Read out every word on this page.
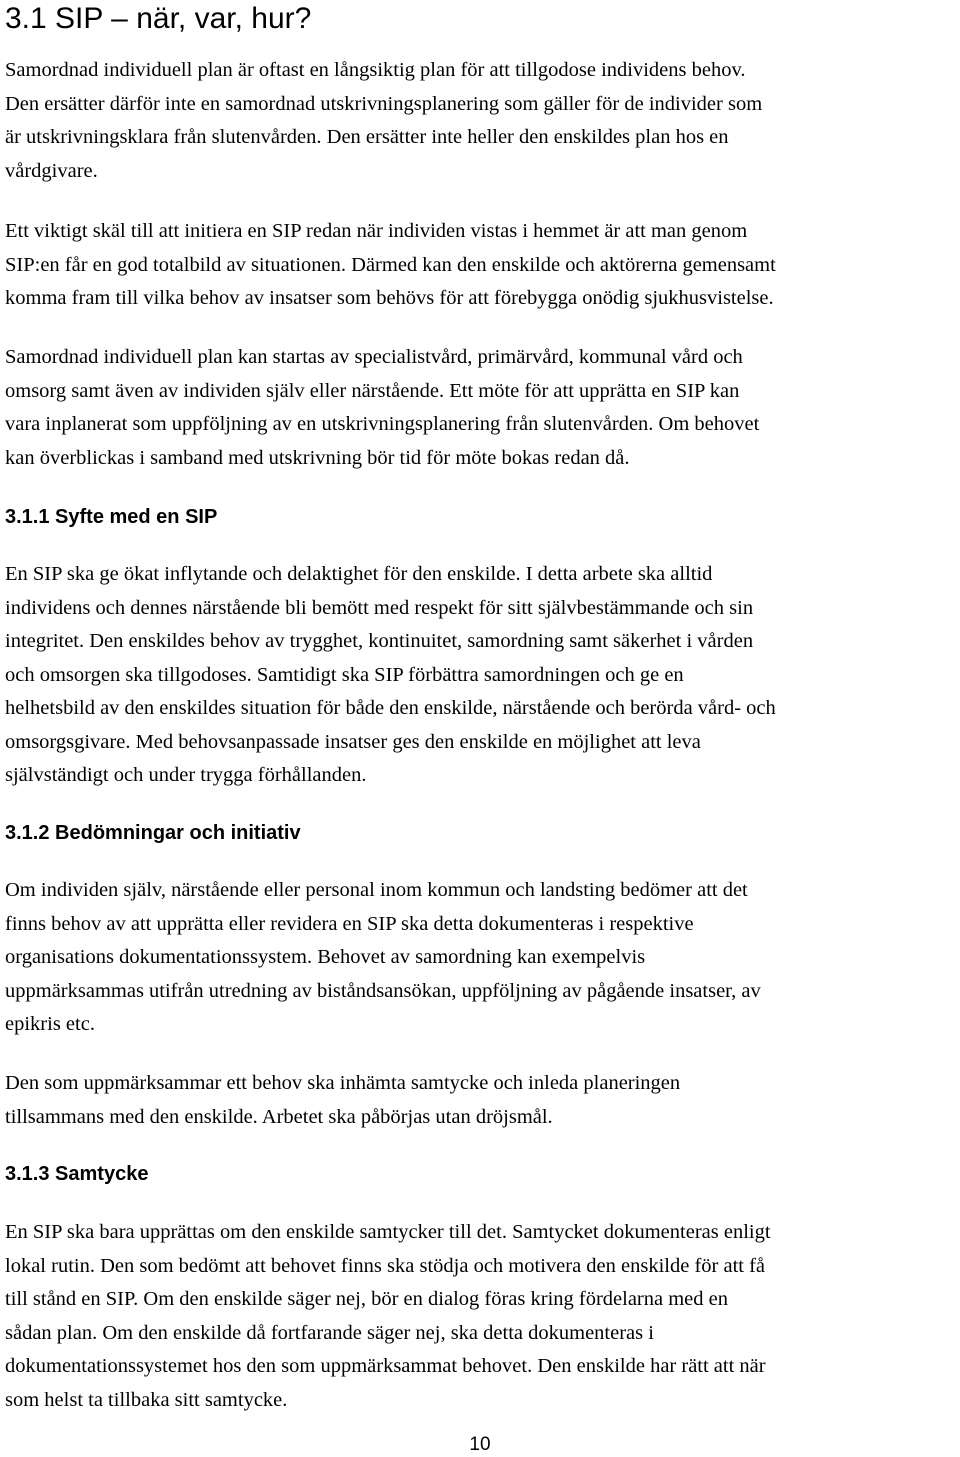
3.1 SIP – när, var, hur?

Samordnad individuell plan är oftast en långsiktig plan för att tillgodose individens behov.

Den ersätter därför inte en samordnad utskrivningsplanering som gäller för de individer som

är utskrivningsklara från slutenvården. Den ersätter inte heller den enskildes plan hos en

vårdgivare.

Ett viktigt skäl till att initiera en SIP redan när individen vistas i hemmet är att man genom

SIP:en får en god totalbild av situationen. Därmed kan den enskilde och aktörerna gemensamt

komma fram till vilka behov av insatser som behövs för att förebygga onödig sjukhusvistelse.

Samordnad individuell plan kan startas av specialistvård, primärvård, kommunal vård och

omsorg samt även av individen själv eller närstående. Ett möte för att upprätta en SIP kan

vara inplanerat som uppföljning av en utskrivningsplanering från slutenvården. Om behovet

kan överblickas i samband med utskrivning bör tid för möte bokas redan då.

3.1.1 Syfte med en SIP

En SIP ska ge ökat inflytande och delaktighet för den enskilde. I detta arbete ska alltid

individens och dennes närstående bli bemött med respekt för sitt självbestämmande och sin

integritet. Den enskildes behov av trygghet, kontinuitet, samordning samt säkerhet i vården

och omsorgen ska tillgodoses. Samtidigt ska SIP förbättra samordningen och ge en

helhetsbild av den enskildes situation för både den enskilde, närstående och berörda vård- och

omsorgsgivare. Med behovsanpassade insatser ges den enskilde en möjlighet att leva

självständigt och under trygga förhållanden.

3.1.2 Bedömningar och initiativ

Om individen själv, närstående eller personal inom kommun och landsting bedömer att det

finns behov av att upprätta eller revidera en SIP ska detta dokumenteras i respektive

organisations dokumentationssystem. Behovet av samordning kan exempelvis

uppmärksammas utifrån utredning av biståndsansökan, uppföljning av pågående insatser, av

epikris etc.

Den som uppmärksammar ett behov ska inhämta samtycke och inleda planeringen

tillsammans med den enskilde. Arbetet ska påbörjas utan dröjsmål.

3.1.3 Samtycke

En SIP ska bara upprättas om den enskilde samtycker till det. Samtycket dokumenteras enligt

lokal rutin. Den som bedömt att behovet finns ska stödja och motivera den enskilde för att få

till stånd en SIP. Om den enskilde säger nej, bör en dialog föras kring fördelarna med en

sådan plan. Om den enskilde då fortfarande säger nej, ska detta dokumenteras i

dokumentationssystemet hos den som uppmärksammat behovet. Den enskilde har rätt att när

som helst ta tillbaka sitt samtycke.

10
